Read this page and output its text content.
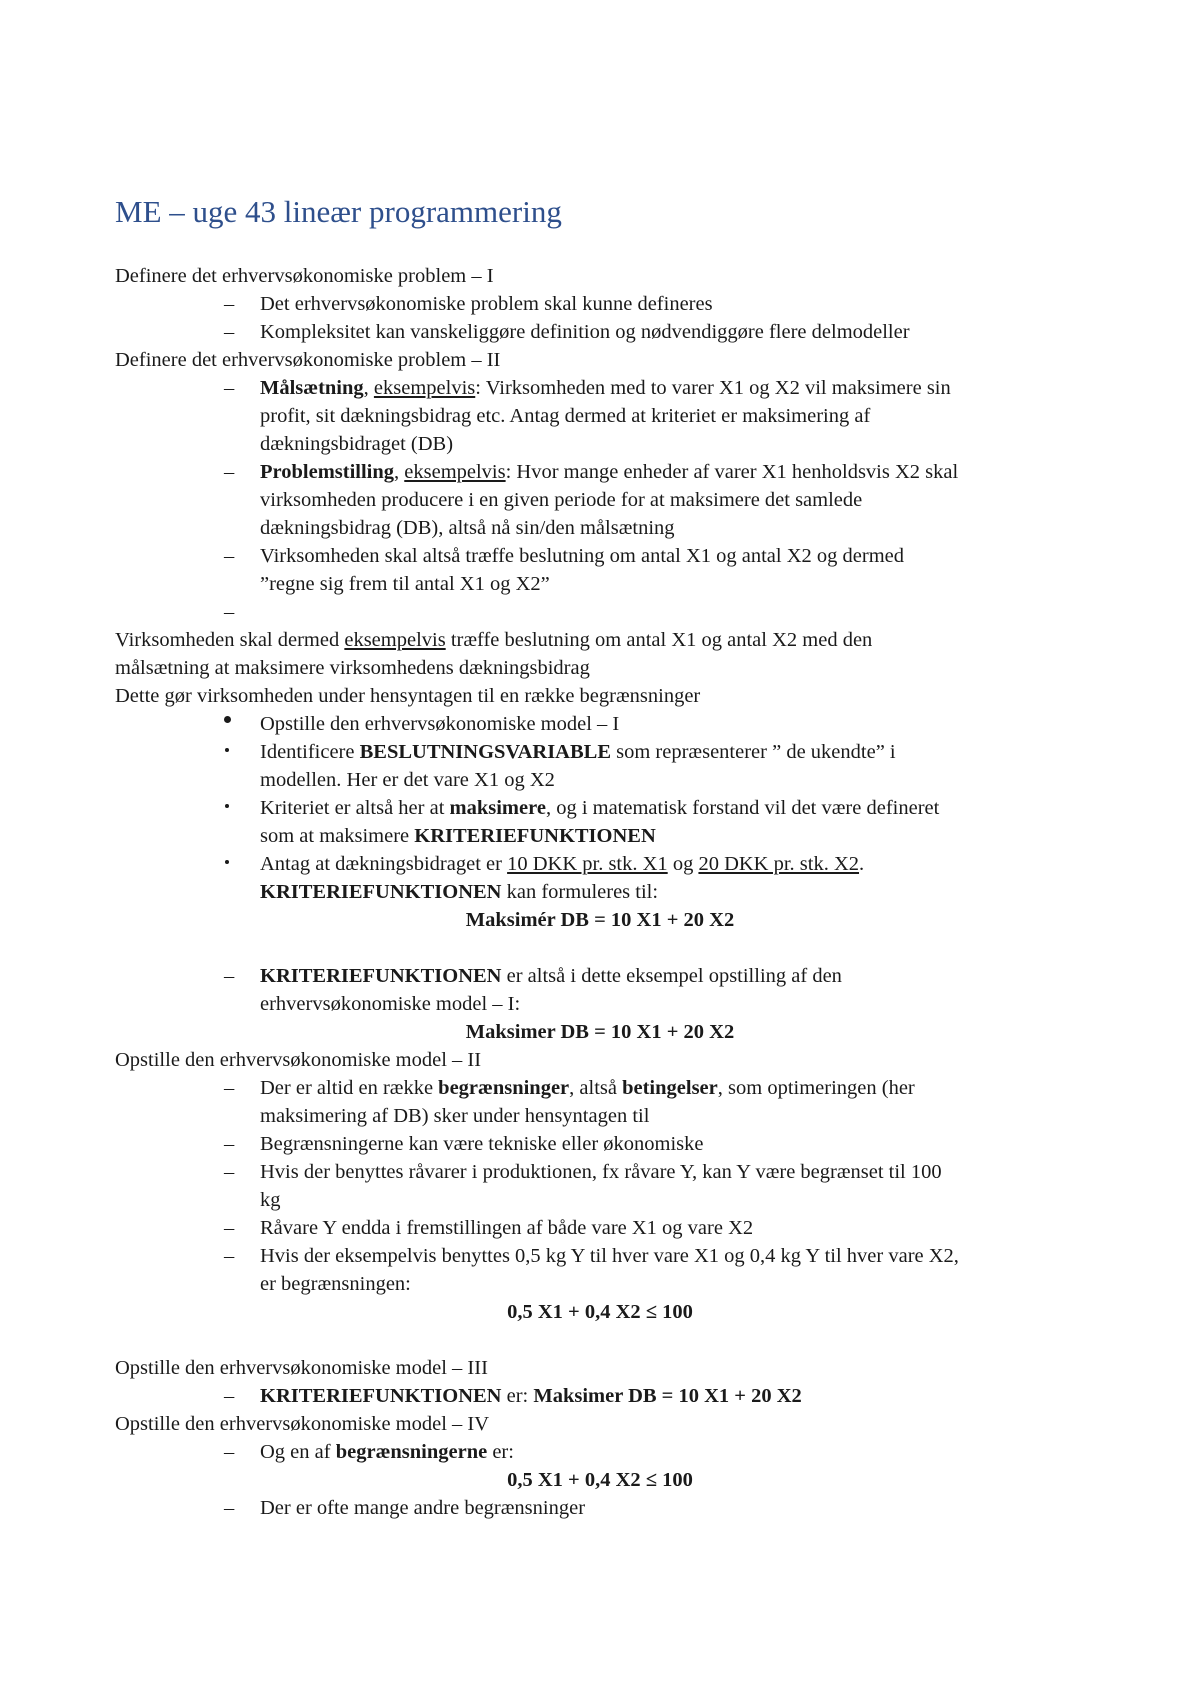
ME – uge 43 lineær programmering
Definere det erhvervsøkonomiske problem – I
– Det erhvervsøkonomiske problem skal kunne defineres
– Kompleksitet kan vanskeliggøre definition og nødvendiggøre flere delmodeller
Definere det erhvervsøkonomiske problem – II
– Målsætning, eksempelvis: Virksomheden med to varer X1 og X2 vil maksimere sin
profit, sit dækningsbidrag etc. Antag dermed at kriteriet er maksimering af
dækningsbidraget (DB)
– Problemstilling, eksempelvis: Hvor mange enheder af varer X1 henholdsvis X2 skal
virksomheden producere i en given periode for at maksimere det samlede
dækningsbidrag (DB), altså nå sin/den målsætning
– Virksomheden skal altså træffe beslutning om antal X1 og antal X2 og dermed
”regne sig frem til antal X1 og X2”
–
Virksomheden skal dermed eksempelvis træffe beslutning om antal X1 og antal X2 med den
målsætning at maksimere virksomhedens dækningsbidrag
Dette gør virksomheden under hensyntagen til en række begrænsninger
Opstille den erhvervsøkonomiske model – I
Identificere BESLUTNINGSVARIABLE som repræsenterer ” de ukendte” i
modellen. Her er det vare X1 og X2
Kriteriet er altså her at maksimere, og i matematisk forstand vil det være defineret
som at maksimere KRITERIEFUNKTIONEN
Antag at dækningsbidraget er 10 DKK pr. stk. X1 og 20 DKK pr. stk. X2.
KRITERIEFUNKTIONEN kan formuleres til:
Maksimér DB = 10 X1 + 20 X2
– KRITERIEFUNKTIONEN er altså i dette eksempel opstilling af den
erhvervsøkonomiske model – I:
Maksimer DB = 10 X1 + 20 X2
Opstille den erhvervsøkonomiske model – II
– Der er altid en række begrænsninger, altså betingelser, som optimeringen (her
maksimering af DB) sker under hensyntagen til
– Begrænsningerne kan være tekniske eller økonomiske
– Hvis der benyttes råvarer i produktionen, fx råvare Y, kan Y være begrænset til 100
kg
– Råvare Y endda i fremstillingen af både vare X1 og vare X2
– Hvis der eksempelvis benyttes 0,5 kg Y til hver vare X1 og 0,4 kg Y til hver vare X2,
er begrænsningen:
0,5 X1 + 0,4 X2 ≤ 100
Opstille den erhvervsøkonomiske model – III
– KRITERIEFUNKTIONEN er: Maksimer DB = 10 X1 + 20 X2
Opstille den erhvervsøkonomiske model – IV
– Og en af begrænsningerne er:
0,5 X1 + 0,4 X2 ≤ 100
– Der er ofte mange andre begrænsninger
